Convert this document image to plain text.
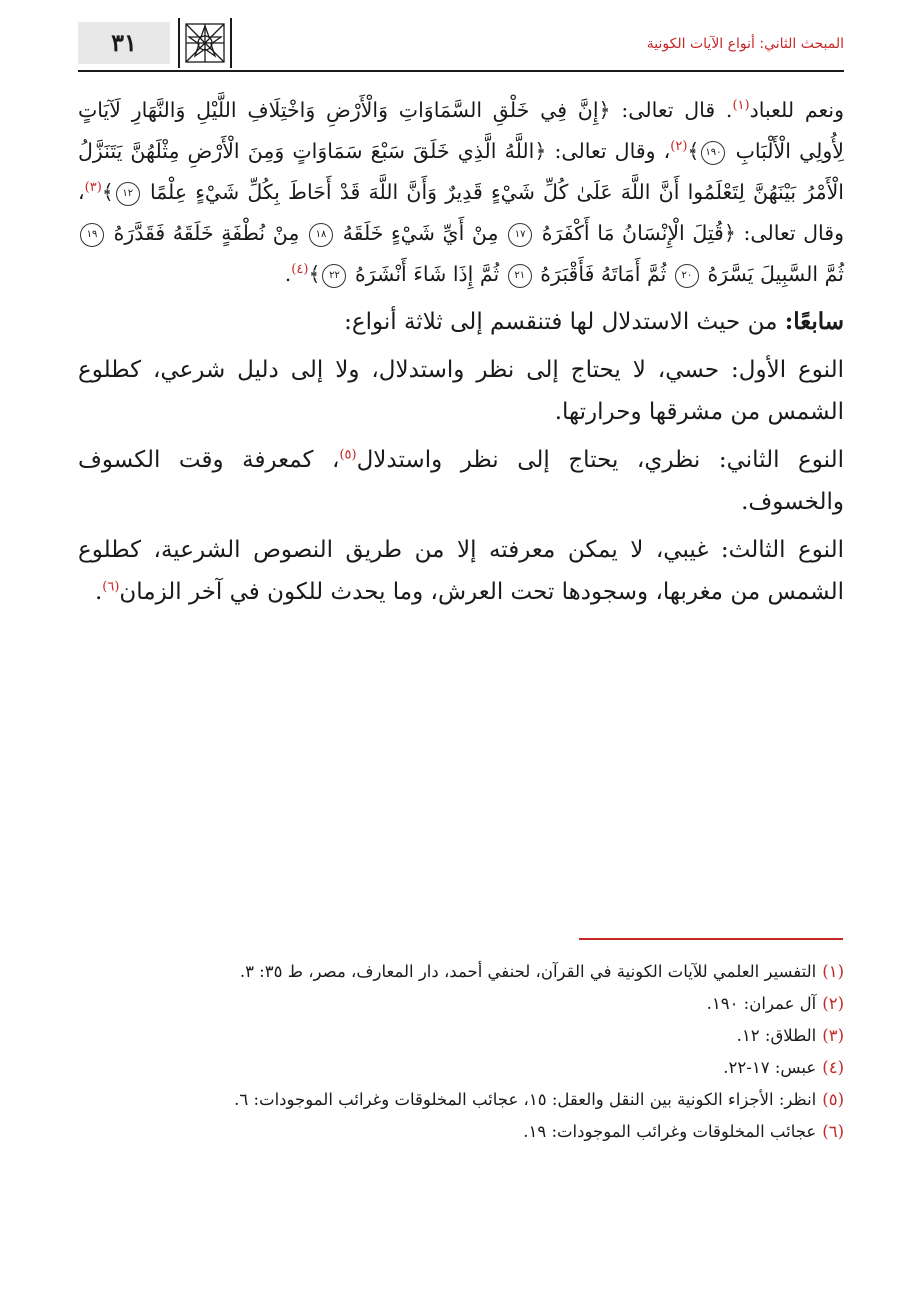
المبحث الثاني: أنواع الآيات الكونية
٣١

ونعم للعباد$^{(١)}$. قال تعالى: ﴿إِنَّ فِي خَلْقِ السَّمَاوَاتِ وَالْأَرْضِ وَاخْتِلَافِ اللَّيْلِ وَالنَّهَارِ لَآيَاتٍ لِأُولِي الْأَلْبَابِ ١٩٠﴾$^{(٢)}$، وقال تعالى: ﴿اللَّهُ الَّذِي خَلَقَ سَبْعَ سَمَاوَاتٍ وَمِنَ الْأَرْضِ مِثْلَهُنَّ يَتَنَزَّلُ الْأَمْرُ بَيْنَهُنَّ لِتَعْلَمُوا أَنَّ اللَّهَ عَلَىٰ كُلِّ شَيْءٍ قَدِيرٌ وَأَنَّ اللَّهَ قَدْ أَحَاطَ بِكُلِّ شَيْءٍ عِلْمًا ١٢﴾$^{(٣)}$، وقال تعالى: ﴿قُتِلَ الْإِنْسَانُ مَا أَكْفَرَهُ ١٧ مِنْ أَيِّ شَيْءٍ خَلَقَهُ ١٨ مِنْ نُطْفَةٍ خَلَقَهُ فَقَدَّرَهُ ١٩ ثُمَّ السَّبِيلَ يَسَّرَهُ ٢٠ ثُمَّ أَمَاتَهُ فَأَقْبَرَهُ ٢١ ثُمَّ إِذَا شَاءَ أَنْشَرَهُ ٢٢﴾$^{(٤)}$.

سابعًا: من حيث الاستدلال لها فتنقسم إلى ثلاثة أنواع:

النوع الأول: حسي، لا يحتاج إلى نظر واستدلال، ولا إلى دليل شرعي، كطلوع الشمس من مشرقها وحرارتها.

النوع الثاني: نظري، يحتاج إلى نظر واستدلال$^{(٥)}$، كمعرفة وقت الكسوف والخسوف.

النوع الثالث: غيبي، لا يمكن معرفته إلا من طريق النصوص الشرعية، كطلوع الشمس من مغربها، وسجودها تحت العرش، وما يحدث للكون في آخر الزمان$^{(٦)}$.

(١)التفسير العلمي للآيات الكونية في القرآن، لحنفي أحمد، دار المعارف، مصر، ط ٣٥: ٣.

(٢)آل عمران: ١٩٠.

(٣)الطلاق: ١٢.

(٤)عبس: ١٧-٢٢.

(٥)انظر: الأجزاء الكونية بين النقل والعقل: ١٥، عجائب المخلوقات وغرائب الموجودات: ٦.

(٦)عجائب المخلوقات وغرائب الموجودات: ١٩.
